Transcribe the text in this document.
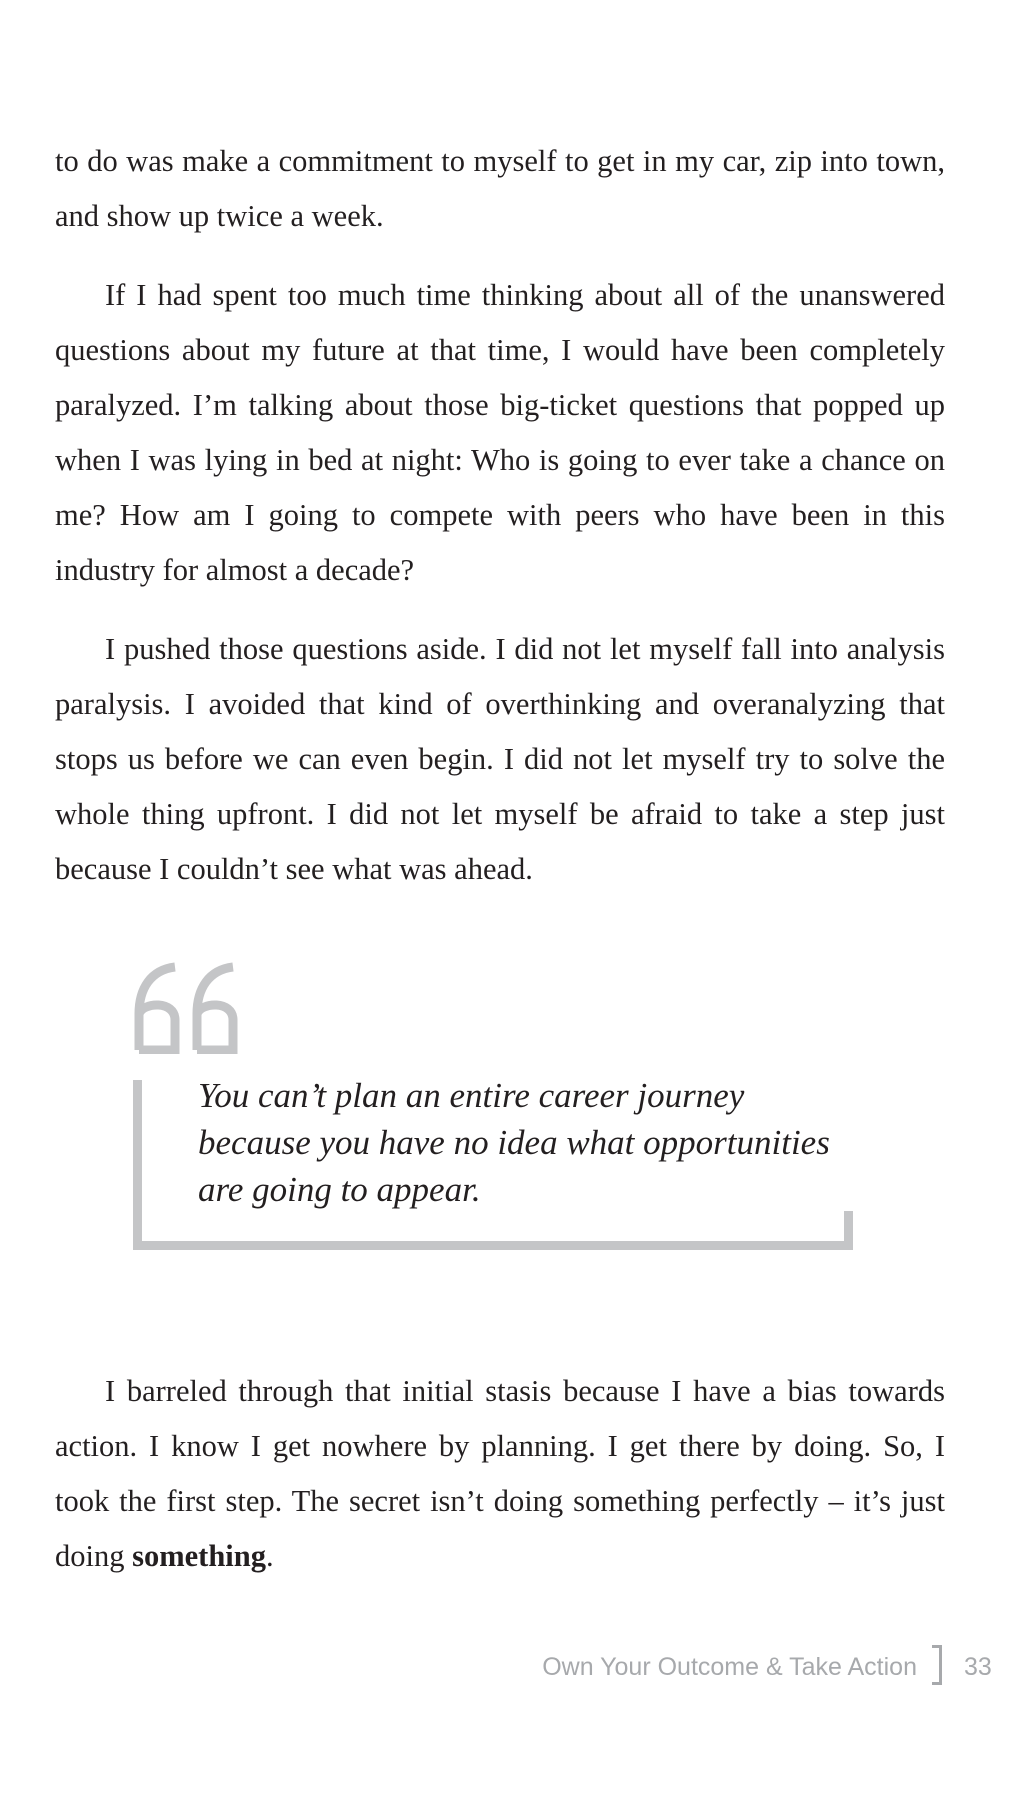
to do was make a commitment to myself to get in my car, zip into town, and show up twice a week.

If I had spent too much time thinking about all of the unanswered questions about my future at that time, I would have been completely paralyzed. I’m talking about those big-ticket questions that popped up when I was lying in bed at night: Who is going to ever take a chance on me? How am I going to compete with peers who have been in this industry for almost a decade?

I pushed those questions aside. I did not let myself fall into analysis paralysis. I avoided that kind of overthinking and overanalyzing that stops us before we can even begin. I did not let myself try to solve the whole thing upfront. I did not let myself be afraid to take a step just because I couldn’t see what was ahead.

You can’t plan an entire career journey because you have no idea what opportunities are going to appear.

I barreled through that initial stasis because I have a bias towards action. I know I get nowhere by planning. I get there by doing. So, I took the first step. The secret isn’t doing something perfectly – it’s just doing something.

Own Your Outcome & Take Action 33
